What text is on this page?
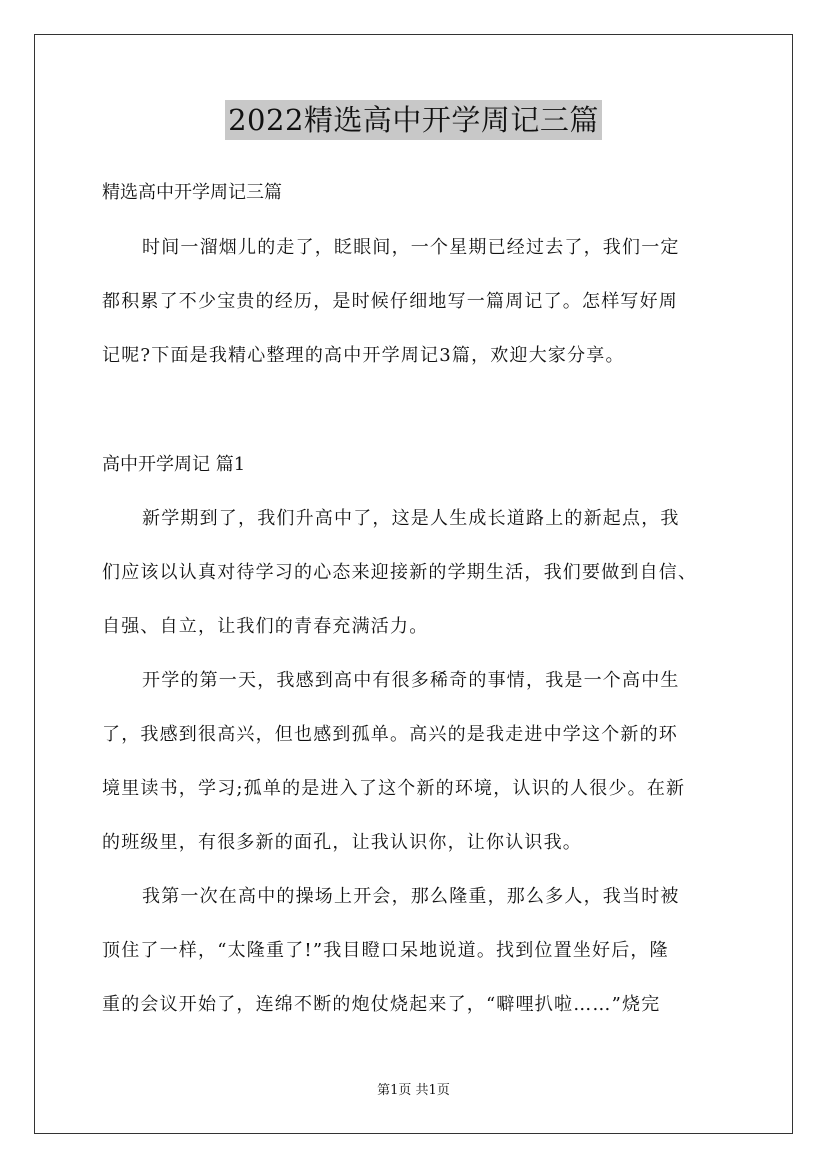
2022精选高中开学周记三篇
精选高中开学周记三篇
时间一溜烟儿的走了，眨眼间，一个星期已经过去了，我们一定
都积累了不少宝贵的经历，是时候仔细地写一篇周记了。怎样写好周
记呢?下面是我精心整理的高中开学周记3篇，欢迎大家分享。
高中开学周记 篇1
新学期到了，我们升高中了，这是人生成长道路上的新起点，我
们应该以认真对待学习的心态来迎接新的学期生活，我们要做到自信、
自强、自立，让我们的青春充满活力。
开学的第一天，我感到高中有很多稀奇的事情，我是一个高中生
了，我感到很高兴，但也感到孤单。高兴的是我走进中学这个新的环
境里读书，学习;孤单的是进入了这个新的环境，认识的人很少。在新
的班级里，有很多新的面孔，让我认识你，让你认识我。
我第一次在高中的操场上开会，那么隆重，那么多人，我当时被
顶住了一样，“太隆重了!”我目瞪口呆地说道。找到位置坐好后，隆
重的会议开始了，连绵不断的炮仗烧起来了，“噼哩扒啦……”烧完
第1页 共1页
